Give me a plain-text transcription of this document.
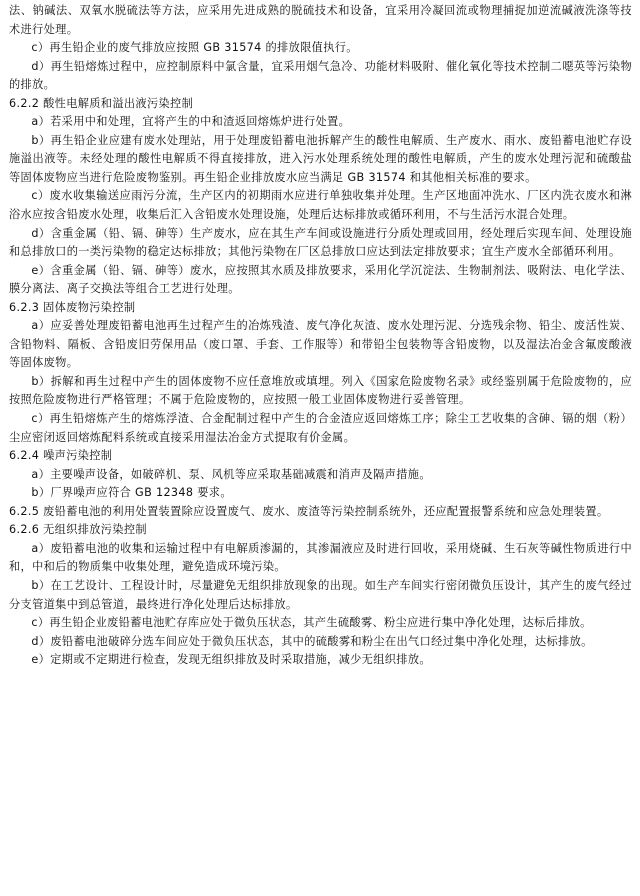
法、钠碱法、双氧水脱硫法等方法，应采用先进成熟的脱硫技术和设备，宜采用冷凝回流或物理捕捉加逆流碱液洗涤等技术进行处理。

c）再生铅企业的废气排放应按照 GB 31574 的排放限值执行。

d）再生铅熔炼过程中，应控制原料中氯含量，宜采用烟气急冷、功能材料吸附、催化氧化等技术控制二噁英等污染物的排放。

6.2.2 酸性电解质和溢出液污染控制

a）若采用中和处理，宜将产生的中和渣返回熔炼炉进行处置。

b）再生铅企业应建有废水处理站，用于处理废铅蓄电池拆解产生的酸性电解质、生产废水、雨水、废铅蓄电池贮存设施溢出液等。未经处理的酸性电解质不得直接排放，进入污水处理系统处理的酸性电解质，产生的废水处理污泥和硫酸盐等固体废物应当进行危险废物鉴别。再生铅企业排放废水应当满足 GB 31574 和其他相关标准的要求。

c）废水收集输送应雨污分流，生产区内的初期雨水应进行单独收集并处理。生产区地面冲洗水、厂区内洗衣废水和淋浴水应按含铅废水处理，收集后汇入含铅废水处理设施，处理后达标排放或循环利用，不与生活污水混合处理。

d）含重金属（铅、镉、砷等）生产废水，应在其生产车间或设施进行分质处理或回用，经处理后实现车间、处理设施和总排放口的一类污染物的稳定达标排放；其他污染物在厂区总排放口应达到法定排放要求；宜生产废水全部循环利用。

e）含重金属（铅、镉、砷等）废水，应按照其水质及排放要求，采用化学沉淀法、生物制剂法、吸附法、电化学法、膜分离法、离子交换法等组合工艺进行处理。

6.2.3 固体废物污染控制

a）应妥善处理废铅蓄电池再生过程产生的冶炼残渣、废气净化灰渣、废水处理污泥、分选残余物、铅尘、废活性炭、含铅物料、隔板、含铅废旧劳保用品（废口罩、手套、工作服等）和带铅尘包装物等含铅废物，以及湿法冶金含氟废酸液等固体废物。

b）拆解和再生过程中产生的固体废物不应任意堆放或填埋。列入《国家危险废物名录》或经鉴别属于危险废物的，应按照危险废物进行严格管理；不属于危险废物的，应按照一般工业固体废物进行妥善管理。

c）再生铅熔炼产生的熔炼浮渣、合金配制过程中产生的合金渣应返回熔炼工序；除尘工艺收集的含砷、镉的烟（粉）尘应密闭返回熔炼配料系统或直接采用湿法冶金方式提取有价金属。

6.2.4 噪声污染控制

a）主要噪声设备，如破碎机、泵、风机等应采取基础减震和消声及隔声措施。

b）厂界噪声应符合 GB 12348 要求。

6.2.5 废铅蓄电池的利用处置装置除应设置废气、废水、废渣等污染控制系统外，还应配置报警系统和应急处理装置。

6.2.6 无组织排放污染控制

a）废铅蓄电池的收集和运输过程中有电解质渗漏的，其渗漏液应及时进行回收，采用烧碱、生石灰等碱性物质进行中和，中和后的物质集中收集处理，避免造成环境污染。

b）在工艺设计、工程设计时，尽量避免无组织排放现象的出现。如生产车间实行密闭微负压设计，其产生的废气经过分支管道集中到总管道，最终进行净化处理后达标排放。

c）再生铅企业废铅蓄电池贮存库应处于微负压状态，其产生硫酸雾、粉尘应进行集中净化处理，达标后排放。

d）废铅蓄电池破碎分选车间应处于微负压状态，其中的硫酸雾和粉尘在出气口经过集中净化处理，达标排放。

e）定期或不定期进行检查，发现无组织排放及时采取措施，减少无组织排放。
